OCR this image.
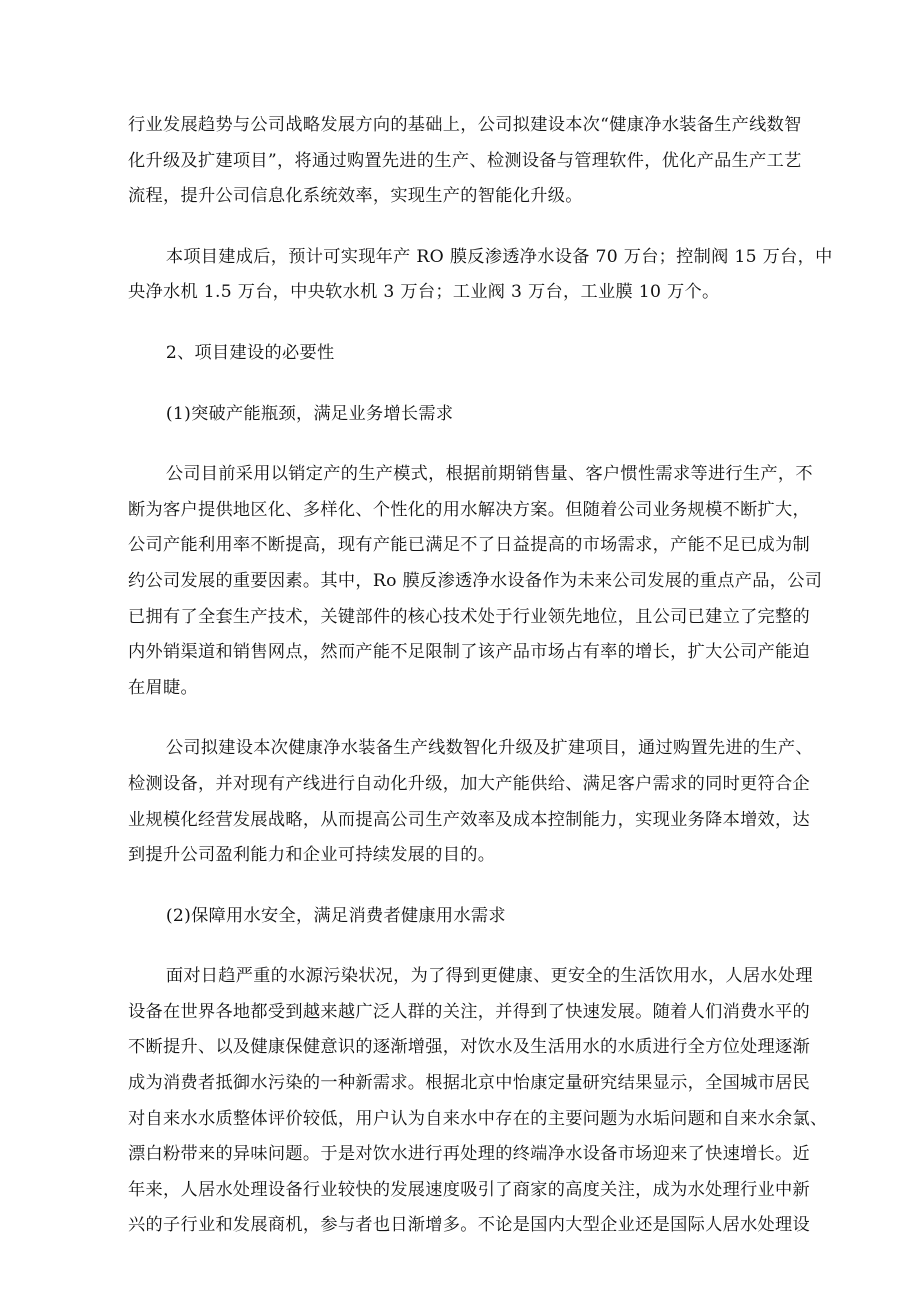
行业发展趋势与公司战略发展方向的基础上，公司拟建设本次“健康净水装备生产线数智
化升级及扩建项目”，将通过购置先进的生产、检测设备与管理软件，优化产品生产工艺
流程，提升公司信息化系统效率，实现生产的智能化升级。
本项目建成后，预计可实现年产 RO 膜反渗透净水设备 70 万台；控制阀 15 万台，中
央净水机 1.5 万台，中央软水机 3 万台；工业阀 3 万台，工业膜 10 万个。
2、项目建设的必要性
(1)突破产能瓶颈，满足业务增长需求
公司目前采用以销定产的生产模式，根据前期销售量、客户惯性需求等进行生产，不
断为客户提供地区化、多样化、个性化的用水解决方案。但随着公司业务规模不断扩大，
公司产能利用率不断提高，现有产能已满足不了日益提高的市场需求，产能不足已成为制
约公司发展的重要因素。其中，Ro 膜反渗透净水设备作为未来公司发展的重点产品，公司
已拥有了全套生产技术，关键部件的核心技术处于行业领先地位，且公司已建立了完整的
内外销渠道和销售网点，然而产能不足限制了该产品市场占有率的增长，扩大公司产能迫
在眉睫。
公司拟建设本次健康净水装备生产线数智化升级及扩建项目，通过购置先进的生产、
检测设备，并对现有产线进行自动化升级，加大产能供给、满足客户需求的同时更符合企
业规模化经营发展战略，从而提高公司生产效率及成本控制能力，实现业务降本增效，达
到提升公司盈利能力和企业可持续发展的目的。
(2)保障用水安全，满足消费者健康用水需求
面对日趋严重的水源污染状况，为了得到更健康、更安全的生活饮用水，人居水处理
设备在世界各地都受到越来越广泛人群的关注，并得到了快速发展。随着人们消费水平的
不断提升、以及健康保健意识的逐渐增强，对饮水及生活用水的水质进行全方位处理逐渐
成为消费者抵御水污染的一种新需求。根据北京中怡康定量研究结果显示，全国城市居民
对自来水水质整体评价较低，用户认为自来水中存在的主要问题为水垢问题和自来水余氯、
漂白粉带来的异味问题。于是对饮水进行再处理的终端净水设备市场迎来了快速增长。近
年来，人居水处理设备行业较快的发展速度吸引了商家的高度关注，成为水处理行业中新
兴的子行业和发展商机，参与者也日渐增多。不论是国内大型企业还是国际人居水处理设
